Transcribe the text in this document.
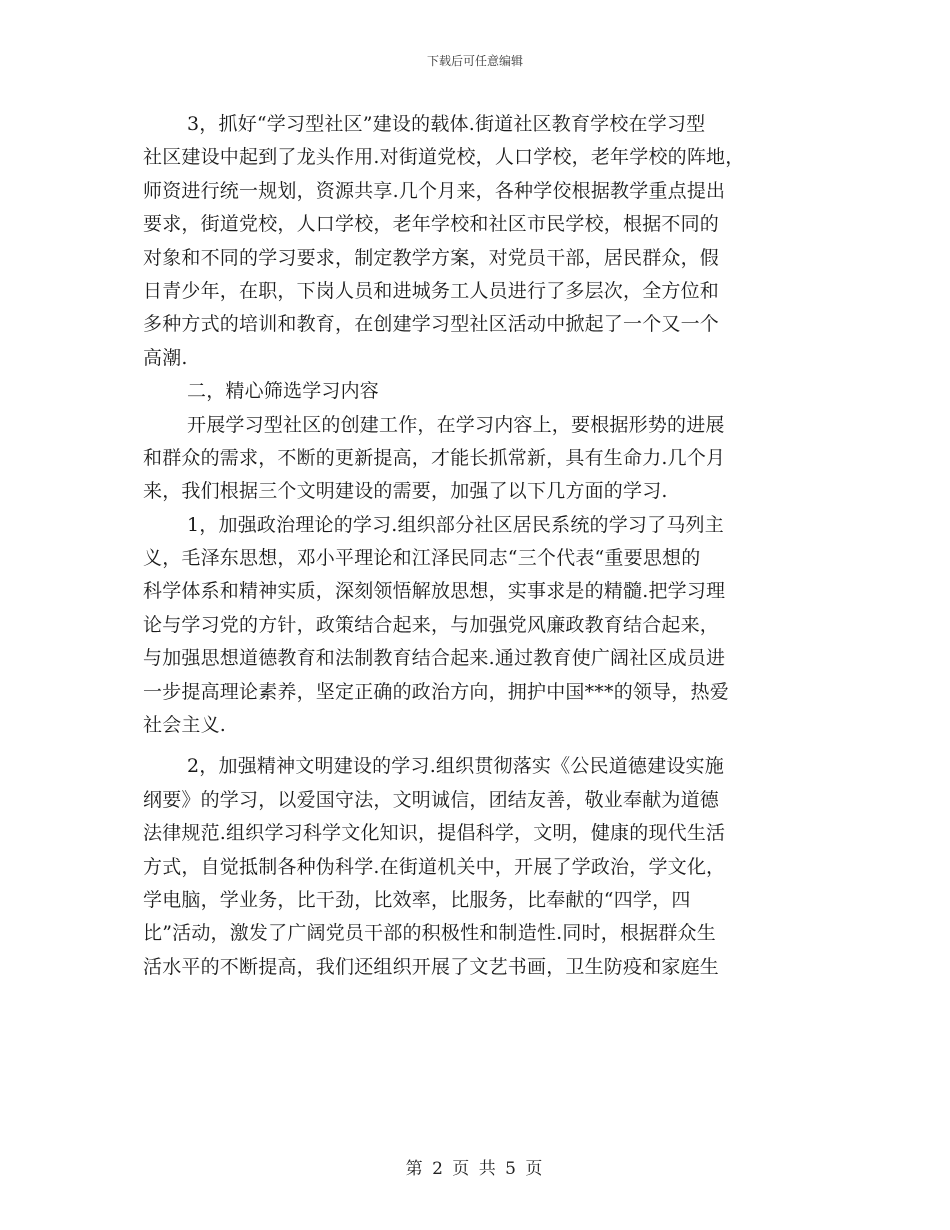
下载后可任意编辑
3，抓好“学习型社区”建设的载体.街道社区教育学校在学习型
社区建设中起到了龙头作用.对街道党校，人口学校，老年学校的阵地，
师资进行统一规划，资源共享.几个月来，各种学佼根据教学重点提出
要求，街道党校，人口学校，老年学校和社区市民学校，根据不同的
对象和不同的学习要求，制定教学方案，对党员干部，居民群众，假
日青少年，在职，下岗人员和进城务工人员进行了多层次，全方位和
多种方式的培训和教育，在创建学习型社区活动中掀起了一个又一个
高潮.
二，精心筛选学习内容
开展学习型社区的创建工作，在学习内容上，要根据形势的进展
和群众的需求，不断的更新提高，才能长抓常新，具有生命力.几个月
来，我们根据三个文明建设的需要，加强了以下几方面的学习.
1，加强政治理论的学习.组织部分社区居民系统的学习了马列主
义，毛泽东思想，邓小平理论和江泽民同志“三个代表“重要思想的
科学体系和精神实质，深刻领悟解放思想，实事求是的精髓.把学习理
论与学习党的方针，政策结合起来，与加强党风廉政教育结合起来，
与加强思想道德教育和法制教育结合起来.通过教育使广阔社区成员进
一步提高理论素养，坚定正确的政治方向，拥护中国***的领导，热爱
社会主义.
2，加强精神文明建设的学习.组织贯彻落实《公民道德建设实施
纲要》的学习，以爱国守法，文明诚信，团结友善，敬业奉献为道德
法律规范.组织学习科学文化知识，提倡科学，文明，健康的现代生活
方式，自觉抵制各种伪科学.在街道机关中，开展了学政治，学文化，
学电脑，学业务，比干劲，比效率，比服务，比奉献的“四学，四
比”活动，激发了广阔党员干部的积极性和制造性.同时，根据群众生
活水平的不断提高，我们还组织开展了文艺书画，卫生防疫和家庭生
第 2 页 共 5 页
